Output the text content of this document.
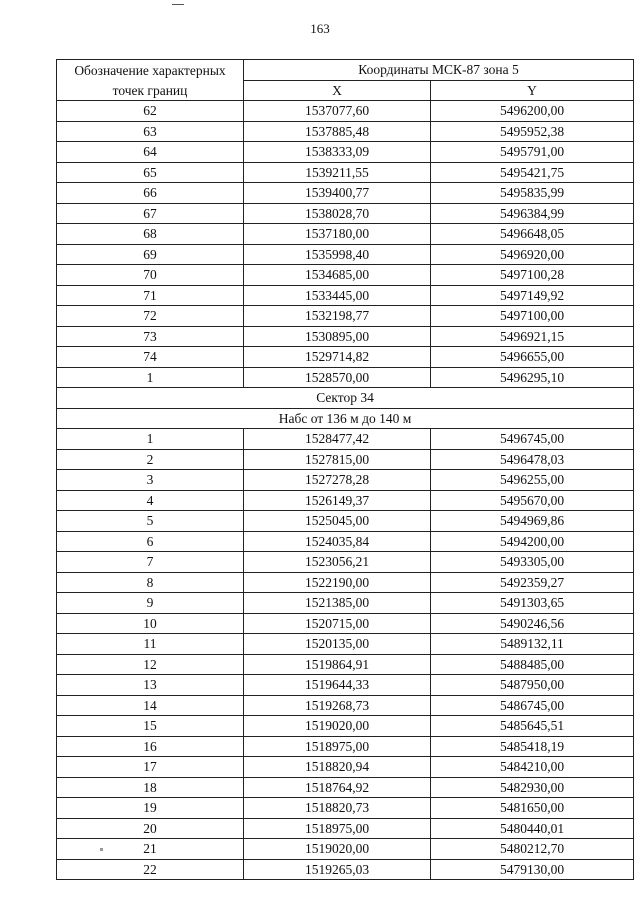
163
Обозначение характерных	Координаты МСК-87 зона 5	
точек границ	X	Y
62	1537077,60	5496200,00
63	1537885,48	5495952,38
64	1538333,09	5495791,00
65	1539211,55	5495421,75
66	1539400,77	5495835,99
67	1538028,70	5496384,99
68	1537180,00	5496648,05
69	1535998,40	5496920,00
70	1534685,00	5497100,28
71	1533445,00	5497149,92
72	1532198,77	5497100,00
73	1530895,00	5496921,15
74	1529714,82	5496655,00
1	1528570,00	5496295,10
Сектор 34		
Набс от 136 м до 140 м		
1	1528477,42	5496745,00
2	1527815,00	5496478,03
3	1527278,28	5496255,00
4	1526149,37	5495670,00
5	1525045,00	5494969,86
6	1524035,84	5494200,00
7	1523056,21	5493305,00
8	1522190,00	5492359,27
9	1521385,00	5491303,65
10	1520715,00	5490246,56
11	1520135,00	5489132,11
12	1519864,91	5488485,00
13	1519644,33	5487950,00
14	1519268,73	5486745,00
15	1519020,00	5485645,51
16	1518975,00	5485418,19
17	1518820,94	5484210,00
18	1518764,92	5482930,00
19	1518820,73	5481650,00
20	1518975,00	5480440,01
21	1519020,00	5480212,70
22	1519265,03	5479130,00
